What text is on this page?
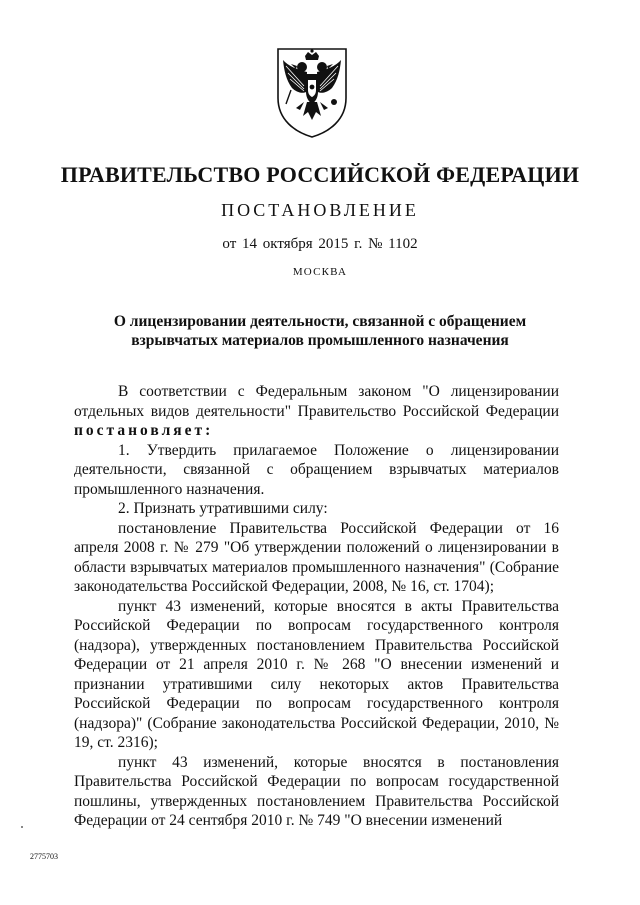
ПРАВИТЕЛЬСТВО РОССИЙСКОЙ ФЕДЕРАЦИИ
ПОСТАНОВЛЕНИЕ
от 14 октября 2015 г. № 1102
МОСКВА
О лицензировании деятельности, связанной с обращением
взрывчатых материалов промышленного назначения

В соответствии с Федеральным законом "О лицензировании отдельных видов деятельности" Правительство Российской Федерации постановляет:

1. Утвердить прилагаемое Положение о лицензировании деятельности, связанной с обращением взрывчатых материалов промышленного назначения.

2. Признать утратившими силу:

постановление Правительства Российской Федерации от 16 апреля 2008 г. № 279 "Об утверждении положений о лицензировании в области взрывчатых материалов промышленного назначения" (Собрание законодательства Российской Федерации, 2008, № 16, ст. 1704);

пункт 43 изменений, которые вносятся в акты Правительства Российской Федерации по вопросам государственного контроля (надзора), утвержденных постановлением Правительства Российской Федерации от 21 апреля 2010 г. № 268 "О внесении изменений и признании утратившими силу некоторых актов Правительства Российской Федерации по вопросам государственного контроля (надзора)" (Собрание законодательства Российской Федерации, 2010, № 19, ст. 2316);

пункт 43 изменений, которые вносятся в постановления Правительства Российской Федерации по вопросам государственной пошлины, утвержденных постановлением Правительства Российской Федерации от 24 сентября 2010 г. № 749 "О внесении изменений

2775703
